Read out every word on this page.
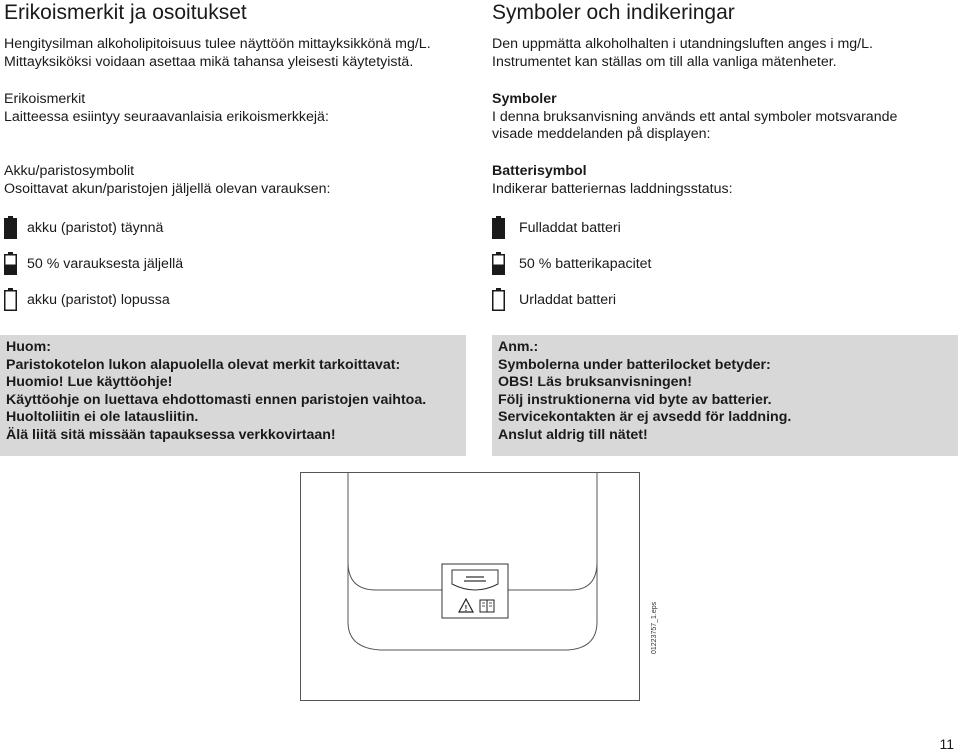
Erikoismerkit ja osoitukset

Hengitysilman alkoholipitoisuus tulee näyttöön mittayksikkönä mg/L.
Mittayksiköksi voidaan asettaa mikä tahansa yleisesti käytetyistä.

Erikoismerkit
Laitteessa esiintyy seuraavanlaisia erikoismerkkejä:

Akku/paristosymbolit
Osoittavat akun/paristojen jäljellä olevan varauksen:

akku (paristot) täynnä
50 % varauksesta jäljellä
akku (paristot) lopussa
Huom:
Paristokotelon lukon alapuolella olevat merkit tarkoittavat:
Huomio! Lue käyttöohje!
Käyttöohje on luettava ehdottomasti ennen paristojen vaihtoa.
Huoltoliitin ei ole latausliitin.
Älä liitä sitä missään tapauksessa verkkovirtaan!
Symboler och indikeringar

Den uppmätta alkoholhalten i utandningsluften anges i mg/L.
Instrumentet kan ställas om till alla vanliga mätenheter.

Symboler
I denna bruksanvisning används ett antal symboler motsvarande
visade meddelanden på displayen:

Batterisymbol
Indikerar batteriernas laddningsstatus:

Fulladdat batteri
50 % batterikapacitet
Urladdat batteri
Anm.:
Symbolerna under batterilocket betyder:
OBS! Läs bruksanvisningen!
Följ instruktionerna vid byte av batterier.
Servicekontakten är ej avsedd för laddning.
Anslut aldrig till nätet!
!	01223757_1.eps
11
